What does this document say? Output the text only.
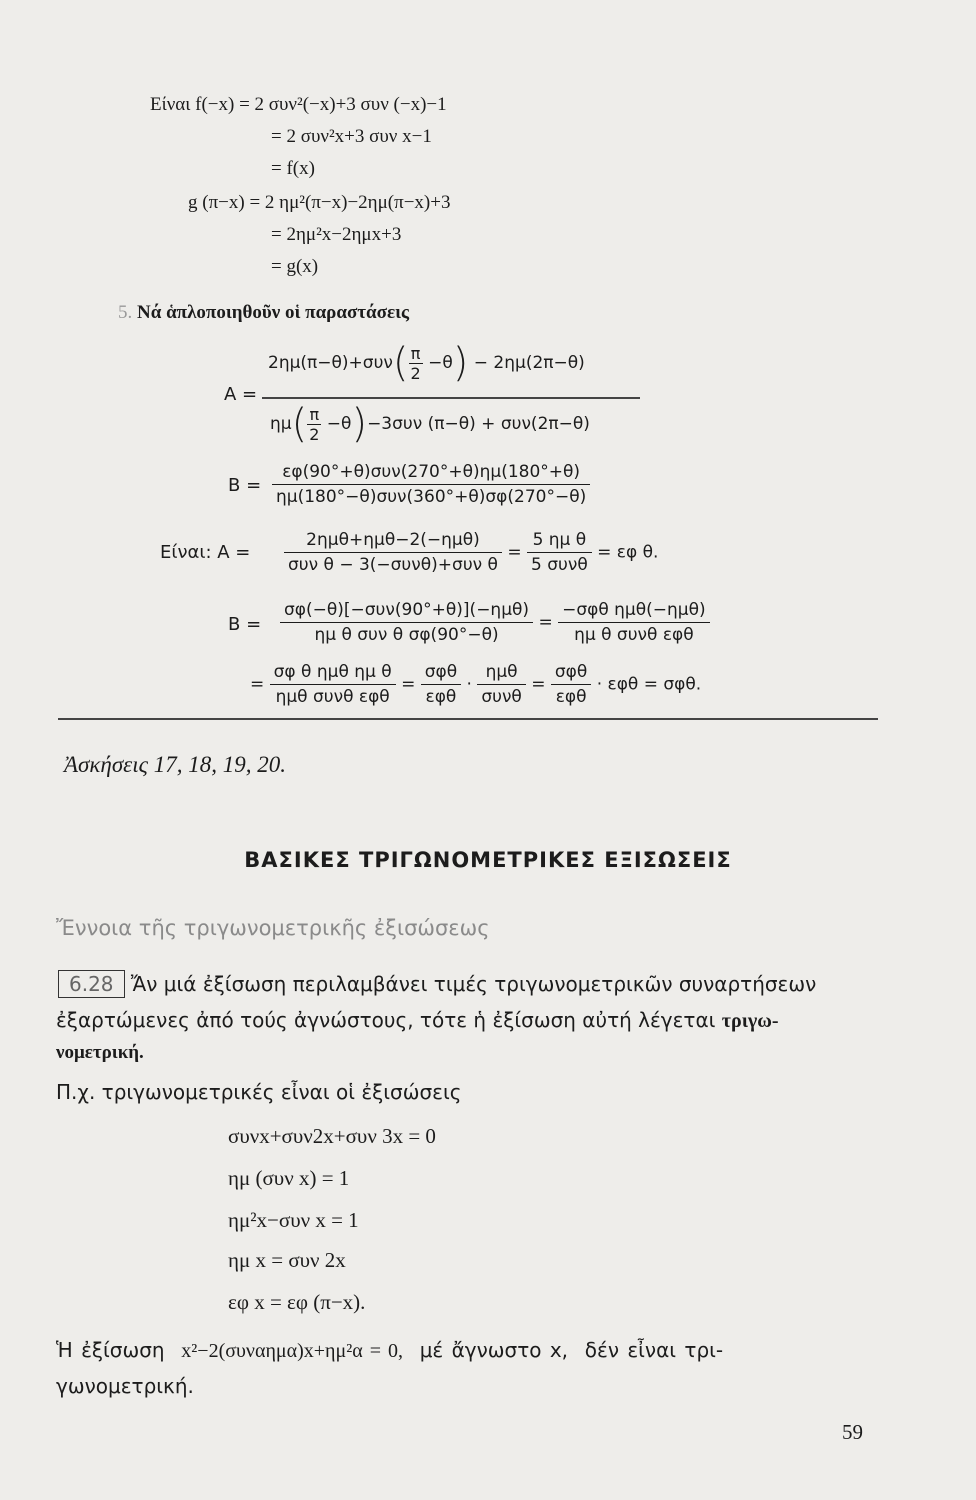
Είναι f(−x) = 2 συν²(−x)+3 συν (−x)−1
= 2 συν²x+3 συν x−1
= f(x)
g (π−x) = 2 ημ²(π−x)−2ημ(π−x)+3
= 2ημ²x−2ημx+3
= g(x)
5. Νά ἁπλοποιηθοῦν οἱ παραστάσεις
A =
$2\eta\mu(\pi-\theta)+\sigma\upsilon\nu( \frac{\pi}{2} -\theta) - 2\eta\mu(2\pi-\theta)$
$\eta\mu( \frac{\pi}{2} -\theta)-3\sigma\upsilon\nu$ (π−θ) + συν(2π−θ)
$B = \frac{\text{εφ(90°+θ)συν(270°+θ)ημ(180°+θ)}}{\text{ημ(180°−θ)συν(360°+θ)σφ(270°−θ)}}$
Είναι: $A = \frac{\text{2ημθ+ημθ−2(−ημθ)}}{\text{συν θ − 3(−συνθ)+συν θ}} = \frac{\text{5 ημ θ}}{\text{5 συνθ}} = \varepsilon\varphi$ θ.
$B = \frac{\text{σφ(−θ)[−συν(90°+θ)](−ημθ)}}{\text{ημ θ συν θ σφ(90°−θ)}} = \frac{\text{−σφθ ημθ(−ημθ)}}{\text{ημ θ συνθ εφθ}}$
= $\frac{\text{σφ θ ημθ ημ θ}}{\text{ημθ συνθ εφθ}} = \frac{\text{σφθ}}{\text{εφθ}} \cdot \frac{\text{ημθ}}{\text{συνθ}} = \frac{\text{σφθ}}{\text{εφθ}} \cdot \varepsilon\varphi\theta = \sigma\varphi\theta$.
Ἀσκήσεις 17, 18, 19, 20.
ΒΑΣΙΚΕΣ ΤΡΙΓΩΝΟΜΕΤΡΙΚΕΣ ΕΞΙΣΩΣΕΙΣ
Ἔννοια τῆς τριγωνομετρικῆς ἐξισώσεως
6.28 Ἄν μιά ἐξίσωση περιλαμβάνει τιμές τριγωνομετρικῶν συναρτήσεων
ἐξαρτώμενες ἀπό τούς ἀγνώστους, τότε ἡ ἐξίσωση αὐτή λέγεται τριγω-
νομετρική.
Π.χ. τριγωνομετρικές εἶναι οἱ ἐξισώσεις
συνx+συν2x+συν 3x = 0
ημ (συν x) = 1
ημ²x−συν x = 1
ημ x = συν 2x
εφ x = εφ (π−x).
Ἡ ἐξίσωση x²−2(συναημα)x+ημ²α = 0, μέ ἄγνωστο x, δέν εἶναι τρι-
γωνομετρική.
59
